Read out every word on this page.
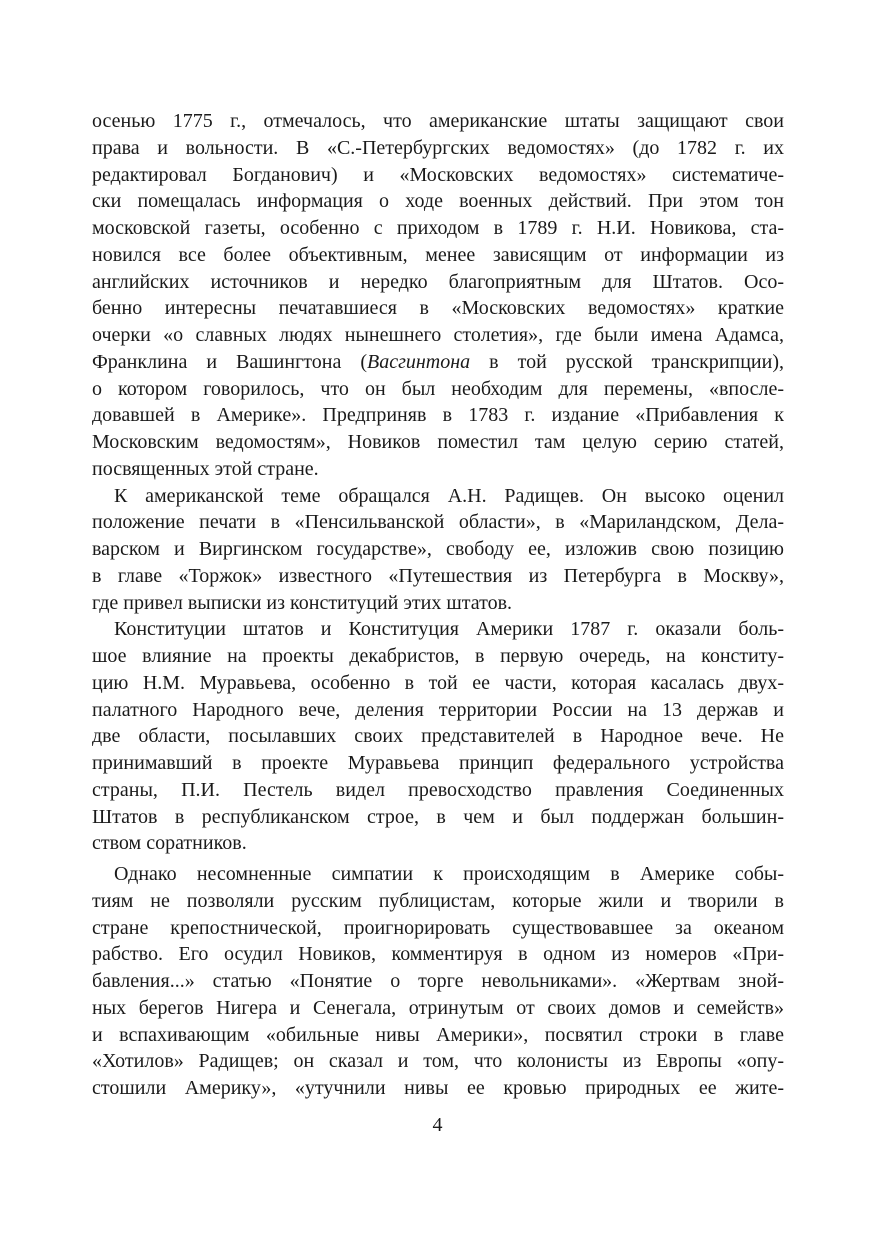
осенью 1775 г., отмечалось, что американские штаты защищают свои
права и вольности. В «С.-Петербургских ведомостях» (до 1782 г. их
редактировал Богданович) и «Московских ведомостях» систематиче-
ски помещалась информация о ходе военных действий. При этом тон
московской газеты, особенно с приходом в 1789 г. Н.И. Новикова, ста-
новился все более объективным, менее зависящим от информации из
английских источников и нередко благоприятным для Штатов. Осо-
бенно интересны печатавшиеся в «Московских ведомостях» краткие
очерки «о славных людях нынешнего столетия», где были имена Адамса,
Франклина и Вашингтона (Васгинтона в той русской транскрипции),
о котором говорилось, что он был необходим для перемены, «впосле-
довавшей в Америке». Предприняв в 1783 г. издание «Прибавления к
Московским ведомостям», Новиков поместил там целую серию статей,
посвященных этой стране.
К американской теме обращался А.Н. Радищев. Он высоко оценил
положение печати в «Пенсильванской области», в «Мариландском, Дела-
варском и Виргинском государстве», свободу ее, изложив свою позицию
в главе «Торжок» известного «Путешествия из Петербурга в Москву»,
где привел выписки из конституций этих штатов.
Конституции штатов и Конституция Америки 1787 г. оказали боль-
шое влияние на проекты декабристов, в первую очередь, на конститу-
цию Н.М. Муравьева, особенно в той ее части, которая касалась двух-
палатного Народного вече, деления территории России на 13 держав и
две области, посылавших своих представителей в Народное вече. Не
принимавший в проекте Муравьева принцип федерального устройства
страны, П.И. Пестель видел превосходство правления Соединенных
Штатов в республиканском строе, в чем и был поддержан большин-
ством соратников.
Однако несомненные симпатии к происходящим в Америке собы-
тиям не позволяли русским публицистам, которые жили и творили в
стране крепостнической, проигнорировать существовавшее за океаном
рабство. Его осудил Новиков, комментируя в одном из номеров «При-
бавления...» статью «Понятие о торге невольниками». «Жертвам зной-
ных берегов Нигера и Сенегала, отринутым от своих домов и семейств»
и вспахивающим «обильные нивы Америки», посвятил строки в главе
«Хотилов» Радищев; он сказал и том, что колонисты из Европы «опу-
стошили Америку», «утучнили нивы ее кровью природных ее жите-
4
